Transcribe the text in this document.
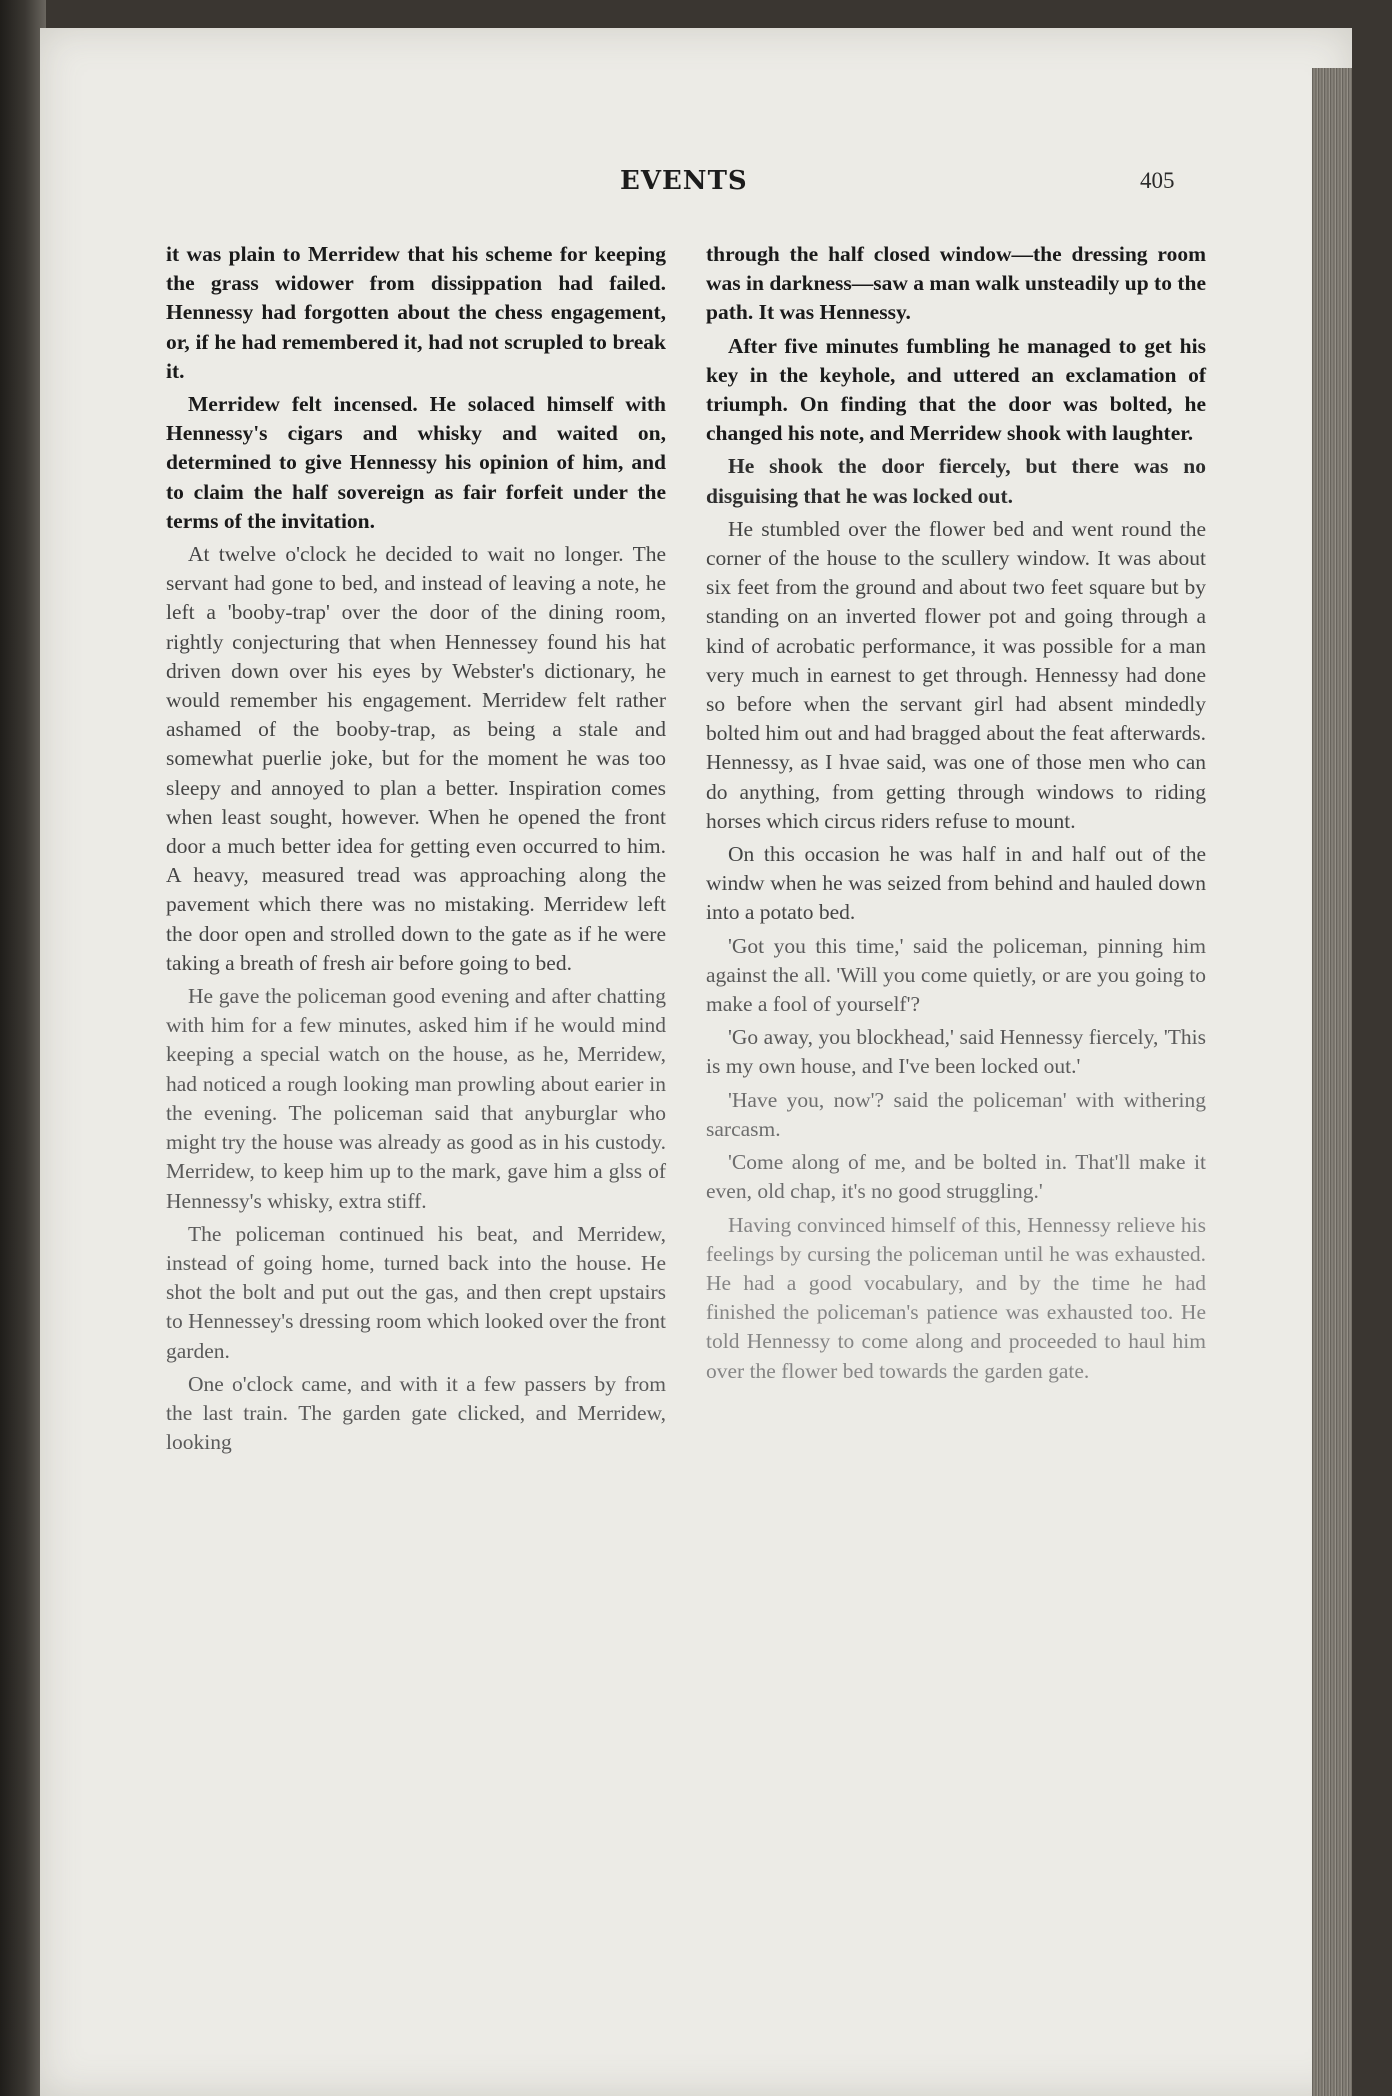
EVENTS	405

it was plain to Merridew that his scheme for keeping the grass widower from dissippation had failed. Hennessy had forgotten about the chess engagement, or, if he had remembered it, had not scrupled to break it.

Merridew felt incensed. He solaced himself with Hennessy's cigars and whisky and waited on, determined to give Hennessy his opinion of him, and to claim the half sovereign as fair forfeit under the terms of the invitation.

At twelve o'clock he decided to wait no longer. The servant had gone to bed, and instead of leaving a note, he left a 'booby-trap' over the door of the dining room, rightly conjecturing that when Hennessey found his hat driven down over his eyes by Webster's dictionary, he would remember his engagement. Merridew felt rather ashamed of the booby-trap, as being a stale and somewhat puerlie joke, but for the moment he was too sleepy and annoyed to plan a better. Inspiration comes when least sought, however. When he opened the front door a much better idea for getting even occurred to him. A heavy, measured tread was approaching along the pavement which there was no mistaking. Merridew left the door open and strolled down to the gate as if he were taking a breath of fresh air before going to bed.

He gave the policeman good evening and after chatting with him for a few minutes, asked him if he would mind keeping a special watch on the house, as he, Merridew, had noticed a rough looking man prowling about earier in the evening. The policeman said that anyburglar who might try the house was already as good as in his custody. Merridew, to keep him up to the mark, gave him a glss of Hennessy's whisky, extra stiff.

The policeman continued his beat, and Merridew, instead of going home, turned back into the house. He shot the bolt and put out the gas, and then crept upstairs to Hennessey's dressing room which looked over the front garden.

One o'clock came, and with it a few passers by from the last train. The garden gate clicked, and Merridew, looking

through the half closed window—the dressing room was in darkness—saw a man walk unsteadily up to the path. It was Hennessy.

After five minutes fumbling he managed to get his key in the keyhole, and uttered an exclamation of triumph. On finding that the door was bolted, he changed his note, and Merridew shook with laughter.

He shook the door fiercely, but there was no disguising that he was locked out.

He stumbled over the flower bed and went round the corner of the house to the scullery window. It was about six feet from the ground and about two feet square but by standing on an inverted flower pot and going through a kind of acrobatic performance, it was possible for a man very much in earnest to get through. Hennessy had done so before when the servant girl had absent mindedly bolted him out and had bragged about the feat afterwards. Hennessy, as I hvae said, was one of those men who can do anything, from getting through windows to riding horses which circus riders refuse to mount.

On this occasion he was half in and half out of the windw when he was seized from behind and hauled down into a potato bed.

'Got you this time,' said the policeman, pinning him against the all. 'Will you come quietly, or are you going to make a fool of yourself'?

'Go away, you blockhead,' said Hennessy fiercely, 'This is my own house, and I've been locked out.'

'Have you, now'? said the policeman' with withering sarcasm.

'Come along of me, and be bolted in. That'll make it even, old chap, it's no good struggling.'

Having convinced himself of this, Hennessy relieve his feelings by cursing the policeman until he was exhausted. He had a good vocabulary, and by the time he had finished the policeman's patience was exhausted too. He told Hennessy to come along and proceeded to haul him over the flower bed towards the garden gate.
